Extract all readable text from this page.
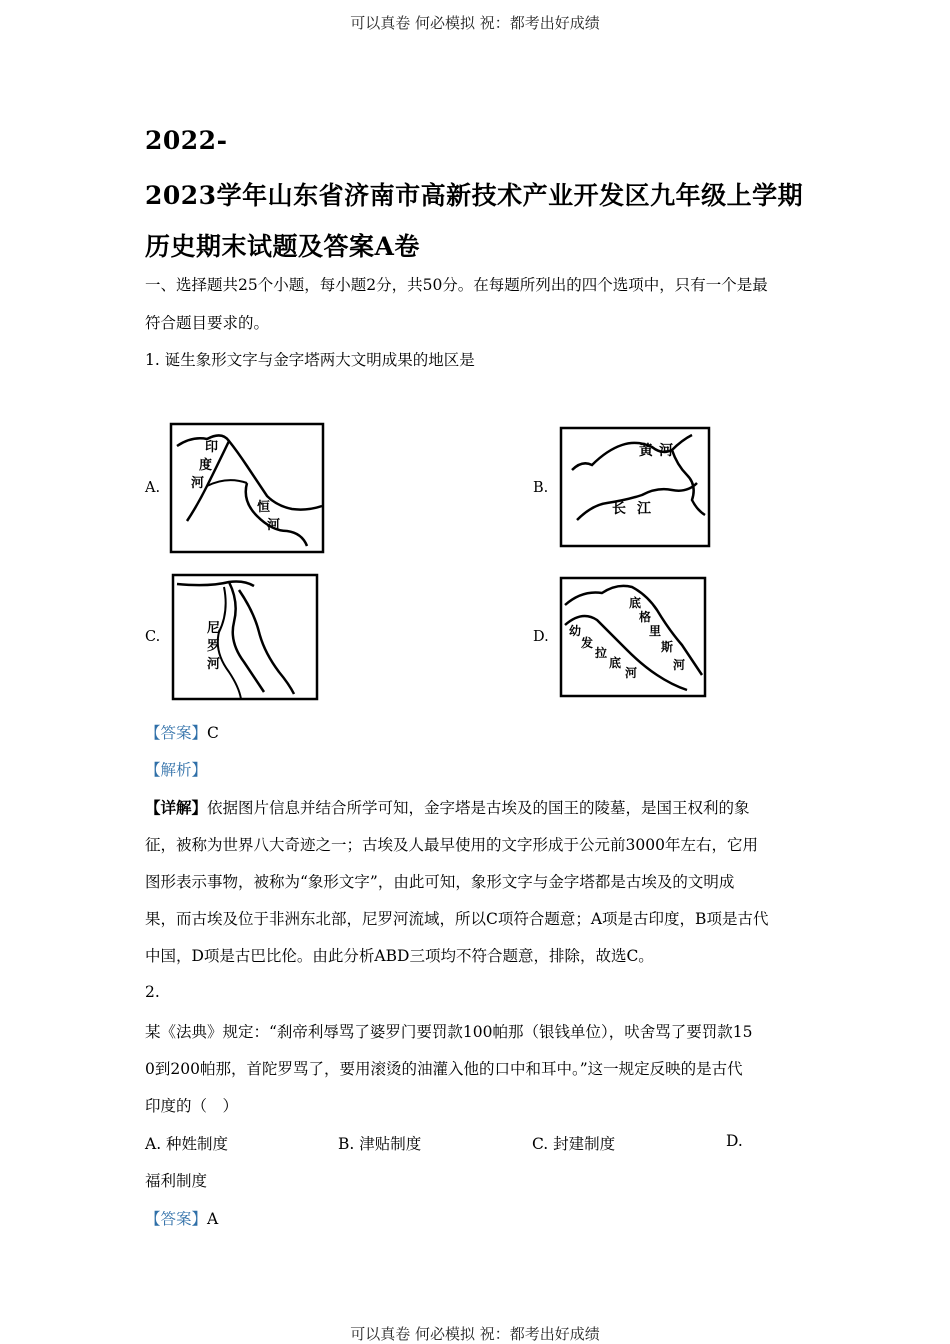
可以真卷 何必模拟 祝：都考出好成绩
2022-
2023学年山东省济南市高新技术产业开发区九年级上学期
历史期末试题及答案A卷
一、选择题共25个小题，每小题2分，共50分。在每题所列出的四个选项中，只有一个是最
符合题目要求的。
1. 诞生象形文字与金字塔两大文明成果的地区是
A.
印
度
河
恒
河
B.
黄 河
长 江
C.
尼
罗
河
D.
底
格
里
斯
河
幼
发
拉
底
河
【答案】C
【解析】
【详解】依据图片信息并结合所学可知，金字塔是古埃及的国王的陵墓，是国王权利的象
征，被称为世界八大奇迹之一；古埃及人最早使用的文字形成于公元前3000年左右，它用
图形表示事物，被称为“象形文字”，由此可知，象形文字与金字塔都是古埃及的文明成
果，而古埃及位于非洲东北部，尼罗河流域，所以C项符合题意；A项是古印度，B项是古代
中国，D项是古巴比伦。由此分析ABD三项均不符合题意，排除，故选C。
2.
某《法典》规定：“刹帝利辱骂了婆罗门要罚款100帕那（银钱单位），吠舍骂了要罚款15
0到200帕那，首陀罗骂了，要用滚烫的油灌入他的口中和耳中。”这一规定反映的是古代
印度的（　）
A. 种姓制度	B. 津贴制度	C. 封建制度	D.
福利制度
【答案】A
可以真卷 何必模拟 祝：都考出好成绩
